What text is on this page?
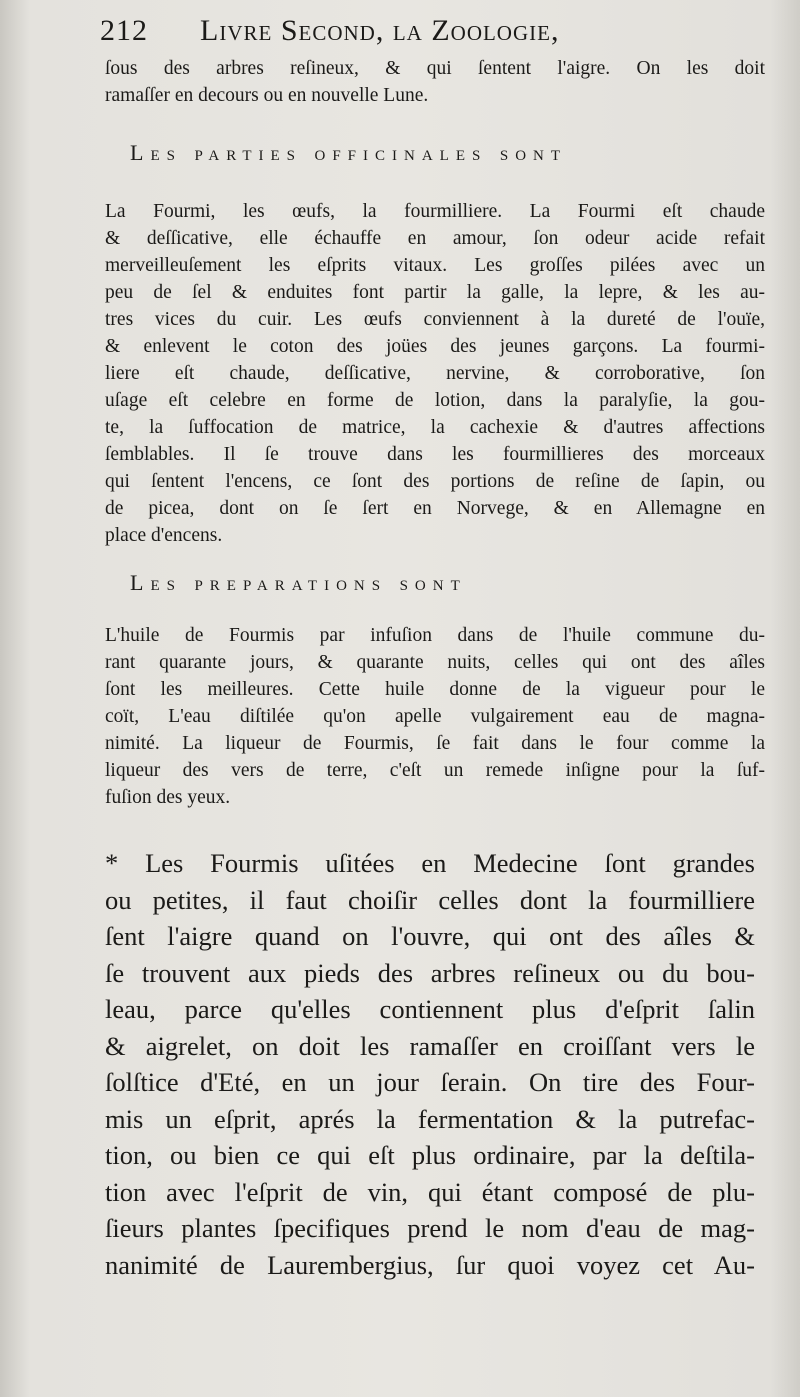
212 Livre Second, la Zoologie,
ſous des arbres reſineux, & qui ſentent l'aigre. On les doit
ramaſſer en decours ou en nouvelle Lune.
Les parties officinales sont
La Fourmi, les œufs, la fourmilliere. La Fourmi eſt chaude
& deſſicative, elle échauffe en amour, ſon odeur acide refait
merveilleuſement les eſprits vitaux. Les groſſes pilées avec un
peu de ſel & enduites font partir la galle, la lepre, & les au-
tres vices du cuir. Les œufs conviennent à la dureté de l'ouïe,
& enlevent le coton des joües des jeunes garçons. La fourmi-
liere eſt chaude, deſſicative, nervine, & corroborative, ſon
uſage eſt celebre en forme de lotion, dans la paralyſie, la gou-
te, la ſuffocation de matrice, la cachexie & d'autres affections
ſemblables. Il ſe trouve dans les fourmillieres des morceaux
qui ſentent l'encens, ce ſont des portions de reſine de ſapin, ou
de picea, dont on ſe ſert en Norvege, & en Allemagne en
place d'encens.
Les preparations sont
L'huile de Fourmis par infuſion dans de l'huile commune du-
rant quarante jours, & quarante nuits, celles qui ont des aîles
ſont les meilleures. Cette huile donne de la vigueur pour le
coït, L'eau diſtilée qu'on apelle vulgairement eau de magna-
nimité. La liqueur de Fourmis, ſe fait dans le four comme la
liqueur des vers de terre, c'eſt un remede inſigne pour la ſuf-
fuſion des yeux.
* Les Fourmis uſitées en Medecine ſont grandes
ou petites, il faut choiſir celles dont la fourmilliere
ſent l'aigre quand on l'ouvre, qui ont des aîles &
ſe trouvent aux pieds des arbres reſineux ou du bou-
leau, parce qu'elles contiennent plus d'eſprit ſalin
& aigrelet, on doit les ramaſſer en croiſſant vers le
ſolſtice d'Eté, en un jour ſerain. On tire des Four-
mis un eſprit, aprés la fermentation & la putrefac-
tion, ou bien ce qui eſt plus ordinaire, par la deſtila-
tion avec l'eſprit de vin, qui étant composé de plu-
ſieurs plantes ſpecifiques prend le nom d'eau de mag-
nanimité de Laurembergius, ſur quoi voyez cet Au-
